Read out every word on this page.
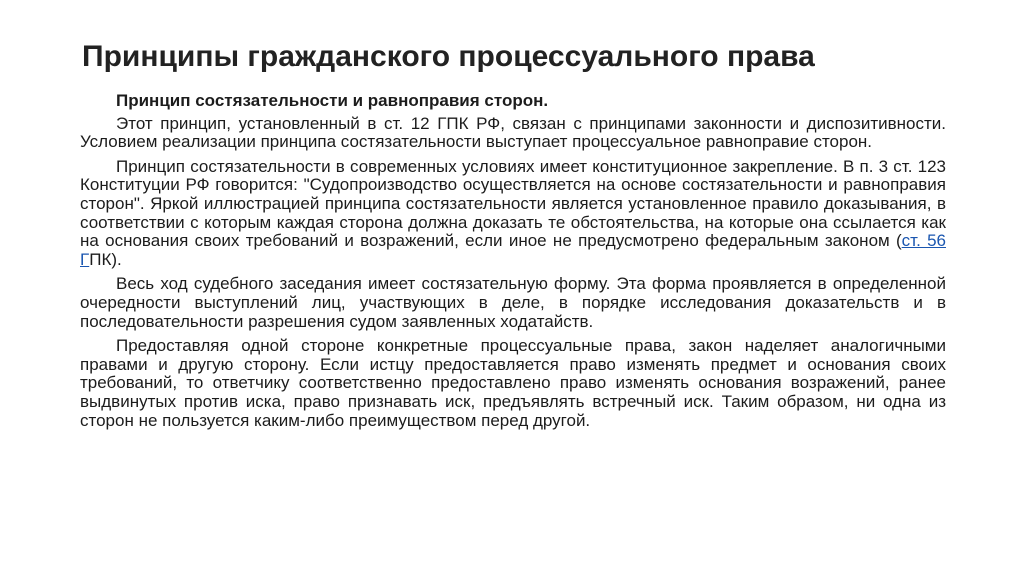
Принципы гражданского процессуального права
Принцип состязательности и равноправия сторон.

Этот принцип, установленный в ст. 12 ГПК РФ, связан с принципами законности и диспозитивности. Условием реализации принципа состязательности выступает процессуальное равноправие сторон.

Принцип состязательности в современных условиях имеет конституционное закрепление. В п. 3 ст. 123 Конституции РФ говорится: "Судопроизводство осуществляется на основе состязательности и равноправия сторон". Яркой иллюстрацией принципа состязательности является установленное правило доказывания, в соответствии с которым каждая сторона должна доказать те обстоятельства, на которые она ссылается как на основания своих требований и возражений, если иное не предусмотрено федеральным законом (ст. 56 ГПК).

Весь ход судебного заседания имеет состязательную форму. Эта форма проявляется в определенной очередности выступлений лиц, участвующих в деле, в порядке исследования доказательств и в последовательности разрешения судом заявленных ходатайств.

Предоставляя одной стороне конкретные процессуальные права, закон наделяет аналогичными правами и другую сторону. Если истцу предоставляется право изменять предмет и основания своих требований, то ответчику соответственно предоставлено право изменять основания возражений, ранее выдвинутых против иска, право признавать иск, предъявлять встречный иск. Таким образом, ни одна из сторон не пользуется каким-либо преимуществом перед другой.
